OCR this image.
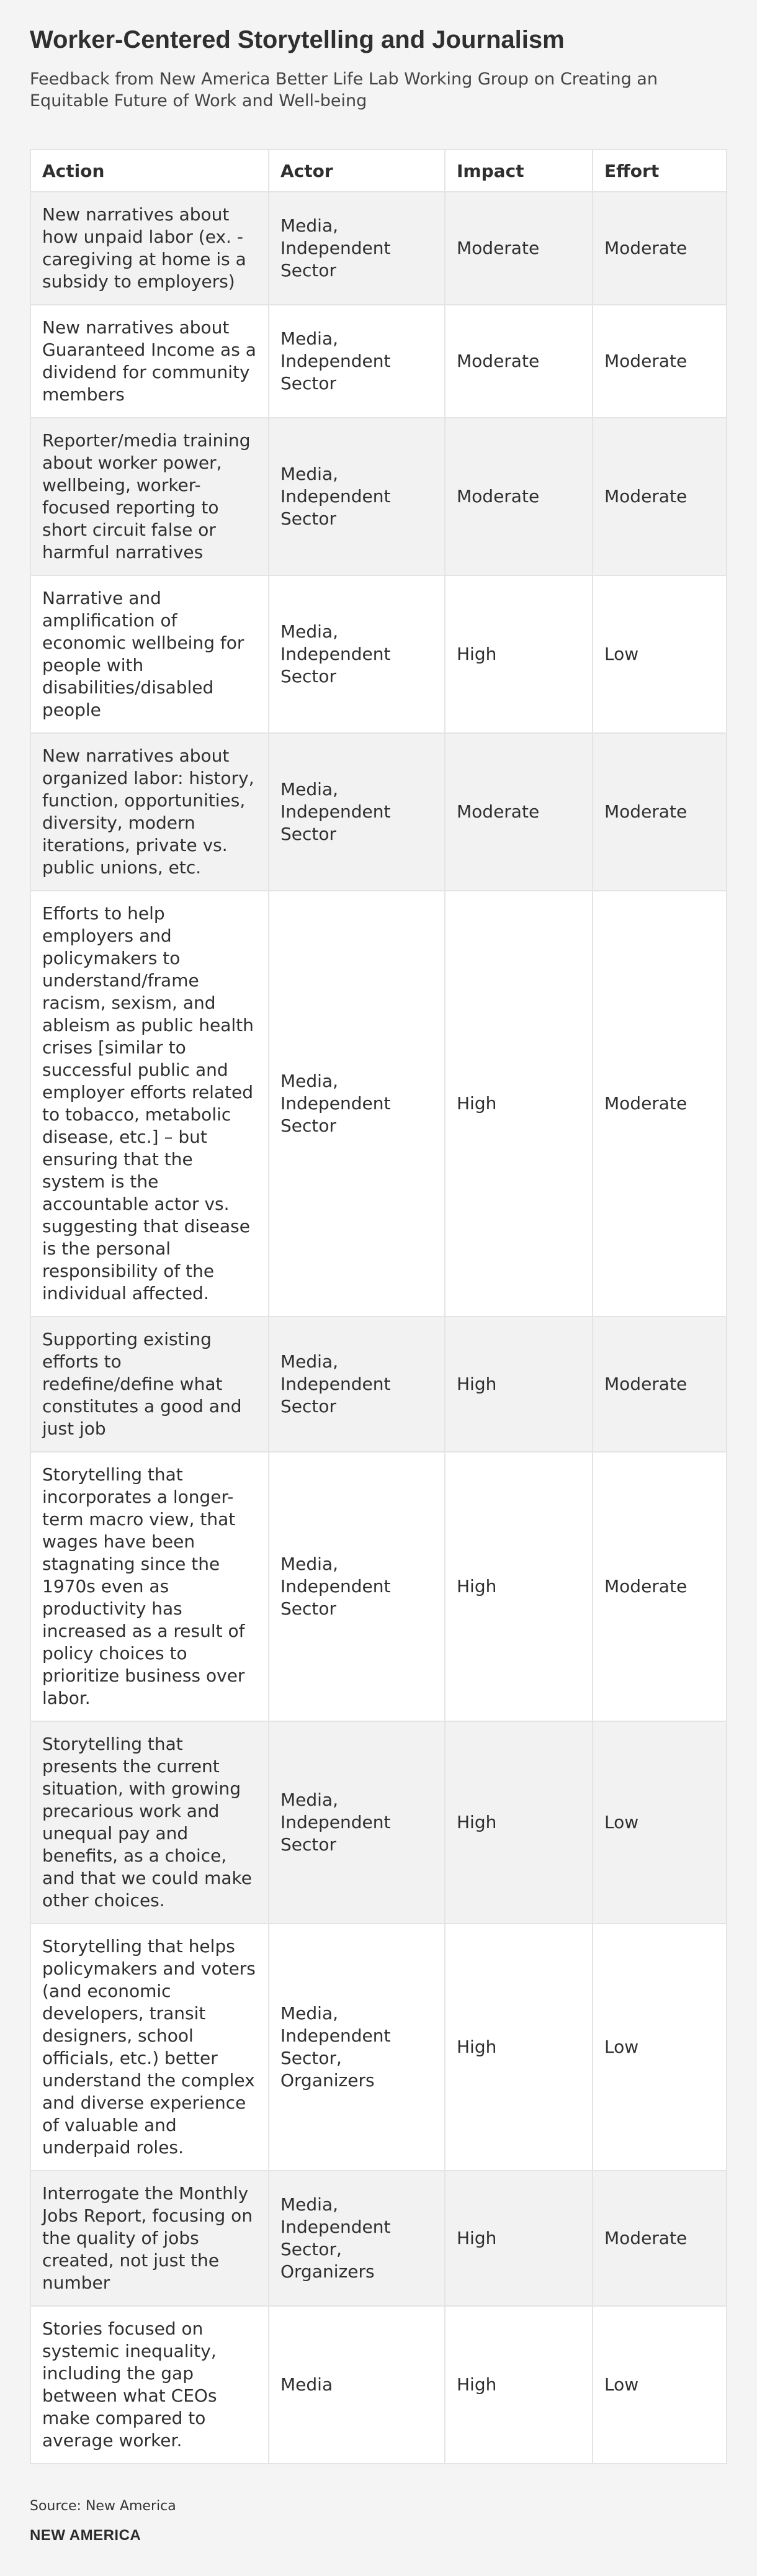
Worker-Centered Storytelling and Journalism

Feedback from New America Better Life Lab Working Group on Creating an Equitable Future of Work and Well-being

Action	Actor	Impact	Effort
New narratives about how unpaid labor (ex. - caregiving at home is a subsidy to employers)	Media, Independent Sector	Moderate	Moderate
New narratives about Guaranteed Income as a dividend for community members	Media, Independent Sector	Moderate	Moderate
Reporter/media training about worker power, wellbeing, worker-focused reporting to short circuit false or harmful narratives	Media, Independent Sector	Moderate	Moderate
Narrative and amplification of economic wellbeing for people with disabilities/disabled people	Media, Independent Sector	High	Low
New narratives about organized labor: history, function, opportunities, diversity, modern iterations, private vs. public unions, etc.	Media, Independent Sector	Moderate	Moderate
Efforts to help employers and policymakers to understand/frame racism, sexism, and ableism as public health crises [similar to successful public and employer efforts related to tobacco, metabolic disease, etc.] – but ensuring that the system is the accountable actor vs. suggesting that disease is the personal responsibility of the individual affected.	Media, Independent Sector	High	Moderate
Supporting existing efforts to redefine/define what constitutes a good and just job	Media, Independent Sector	High	Moderate
Storytelling that incorporates a longer-term macro view, that wages have been stagnating since the 1970s even as productivity has increased as a result of policy choices to prioritize business over labor.	Media, Independent Sector	High	Moderate
Storytelling that presents the current situation, with growing precarious work and unequal pay and benefits, as a choice, and that we could make other choices.	Media, Independent Sector	High	Low
Storytelling that helps policymakers and voters (and economic developers, transit designers, school officials, etc.) better understand the complex and diverse experience of valuable and underpaid roles.	Media, Independent Sector, Organizers	High	Low
Interrogate the Monthly Jobs Report, focusing on the quality of jobs created, not just the number	Media, Independent Sector, Organizers	High	Moderate
Stories focused on systemic inequality, including the gap between what CEOs make compared to average worker.	Media	High	Low
Source: New America
NEW AMERICA
